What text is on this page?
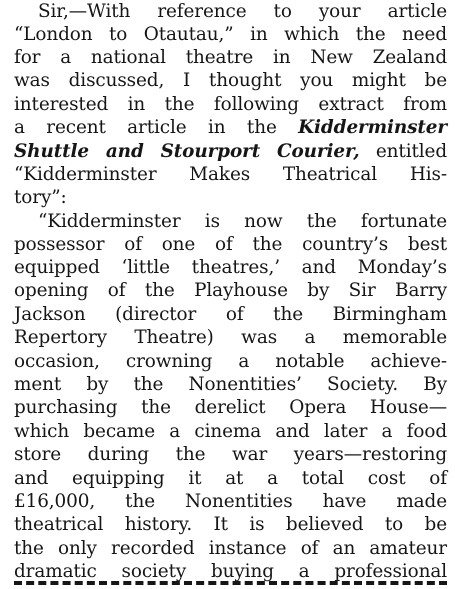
Sir,—With reference to your article
“London to Otautau,” in which the need
for a national theatre in New Zealand
was discussed, I thought you might be
interested in the following extract from
a recent article in the Kidderminster
Shuttle and Stourport Courier, entitled
“Kidderminster Makes Theatrical His-
tory”:
“Kidderminster is now the fortunate
possessor of one of the country’s best
equipped ‘little theatres,’ and Monday’s
opening of the Playhouse by Sir Barry
Jackson (director of the Birmingham
Repertory Theatre) was a memorable
occasion, crowning a notable achieve-
ment by the Nonentities’ Society. By
purchasing the derelict Opera House—
which became a cinema and later a food
store during the war years—restoring
and equipping it at a total cost of
£16,000, the Nonentities have made
theatrical history. It is believed to be
the only recorded instance of an amateur
dramatic society buying a professional
